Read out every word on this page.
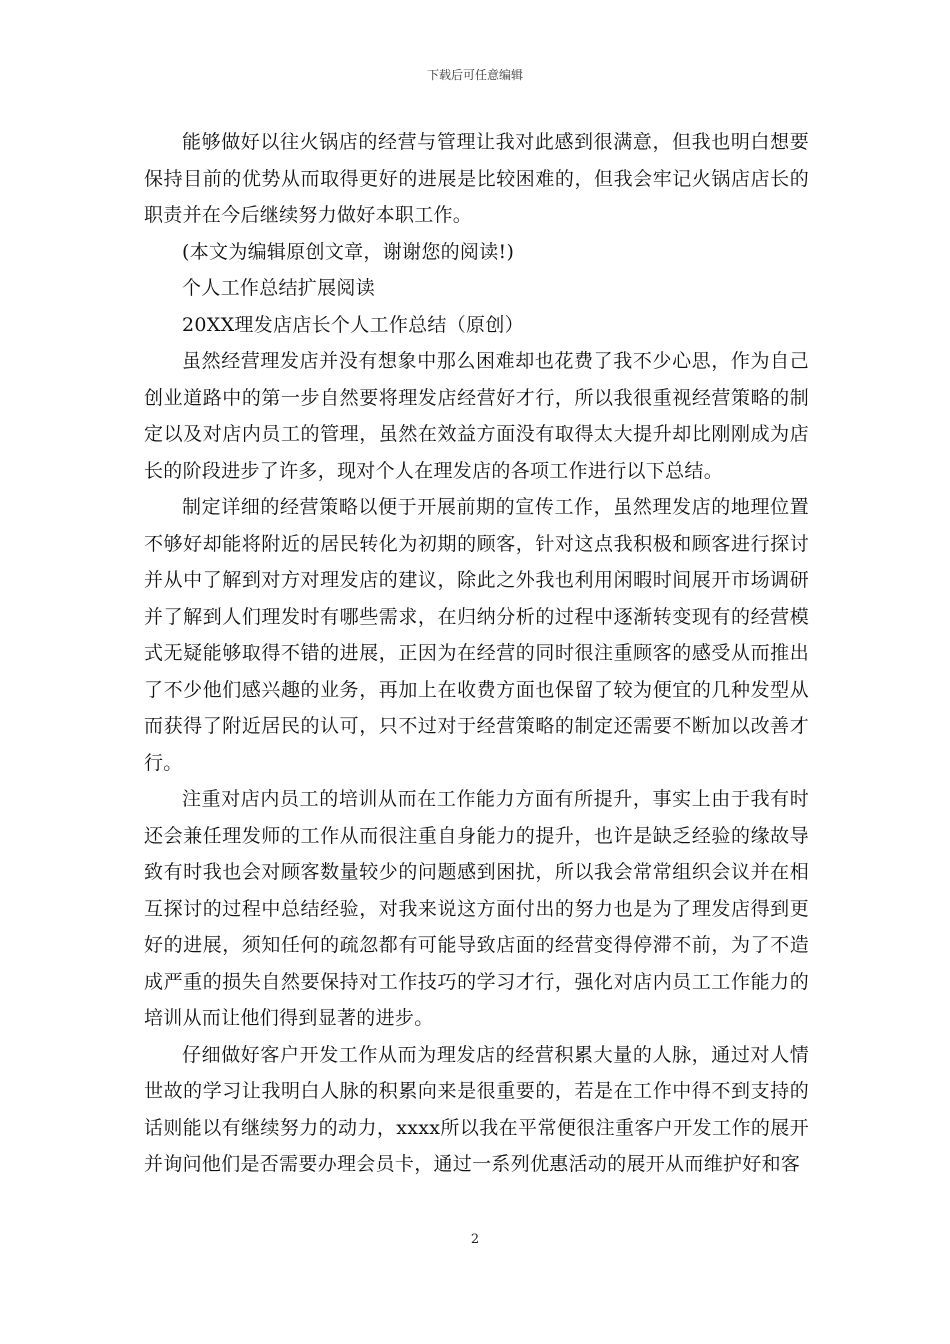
下载后可任意编辑

能够做好以往火锅店的经营与管理让我对此感到很满意，但我也明白想要保持目前的优势从而取得更好的进展是比较困难的，但我会牢记火锅店店长的职责并在今后继续努力做好本职工作。

(本文为编辑原创文章，谢谢您的阅读!)

个人工作总结扩展阅读

20XX理发店店长个人工作总结（原创）

虽然经营理发店并没有想象中那么困难却也花费了我不少心思，作为自己创业道路中的第一步自然要将理发店经营好才行，所以我很重视经营策略的制定以及对店内员工的管理，虽然在效益方面没有取得太大提升却比刚刚成为店长的阶段进步了许多，现对个人在理发店的各项工作进行以下总结。

制定详细的经营策略以便于开展前期的宣传工作，虽然理发店的地理位置不够好却能将附近的居民转化为初期的顾客，针对这点我积极和顾客进行探讨并从中了解到对方对理发店的建议，除此之外我也利用闲暇时间展开市场调研并了解到人们理发时有哪些需求，在归纳分析的过程中逐渐转变现有的经营模式无疑能够取得不错的进展，正因为在经营的同时很注重顾客的感受从而推出了不少他们感兴趣的业务，再加上在收费方面也保留了较为便宜的几种发型从而获得了附近居民的认可，只不过对于经营策略的制定还需要不断加以改善才行。

注重对店内员工的培训从而在工作能力方面有所提升，事实上由于我有时还会兼任理发师的工作从而很注重自身能力的提升，也许是缺乏经验的缘故导致有时我也会对顾客数量较少的问题感到困扰，所以我会常常组织会议并在相互探讨的过程中总结经验，对我来说这方面付出的努力也是为了理发店得到更好的进展，须知任何的疏忽都有可能导致店面的经营变得停滞不前，为了不造成严重的损失自然要保持对工作技巧的学习才行，强化对店内员工工作能力的培训从而让他们得到显著的进步。

仔细做好客户开发工作从而为理发店的经营积累大量的人脉，通过对人情世故的学习让我明白人脉的积累向来是很重要的，若是在工作中得不到支持的话则能以有继续努力的动力，xxxx所以我在平常便很注重客户开发工作的展开并询问他们是否需要办理会员卡，通过一系列优惠活动的展开从而维护好和客

2
